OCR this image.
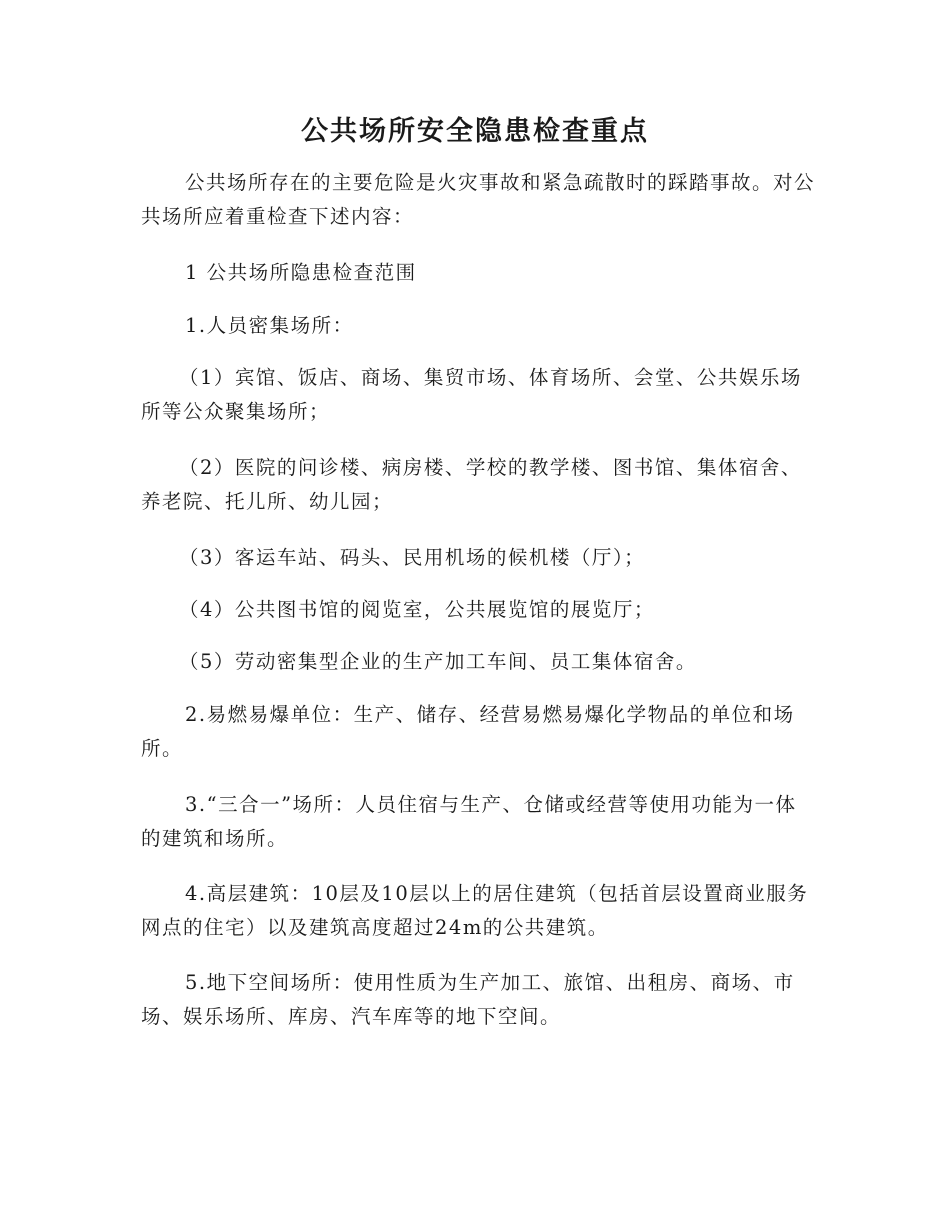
公共场所安全隐患检查重点

公共场所存在的主要危险是火灾事故和紧急疏散时的踩踏事故。对公共场所应着重检查下述内容：

1 公共场所隐患检查范围

1.人员密集场所：

（1）宾馆、饭店、商场、集贸市场、体育场所、会堂、公共娱乐场所等公众聚集场所；

（2）医院的问诊楼、病房楼、学校的教学楼、图书馆、集体宿舍、养老院、托儿所、幼儿园；

（3）客运车站、码头、民用机场的候机楼（厅）；

（4）公共图书馆的阅览室，公共展览馆的展览厅；

（5）劳动密集型企业的生产加工车间、员工集体宿舍。

2.易燃易爆单位：生产、储存、经营易燃易爆化学物品的单位和场所。

3.“三合一”场所：人员住宿与生产、仓储或经营等使用功能为一体的建筑和场所。

4.高层建筑：10层及10层以上的居住建筑（包括首层设置商业服务网点的住宅）以及建筑高度超过24m的公共建筑。

5.地下空间场所：使用性质为生产加工、旅馆、出租房、商场、市场、娱乐场所、库房、汽车库等的地下空间。
